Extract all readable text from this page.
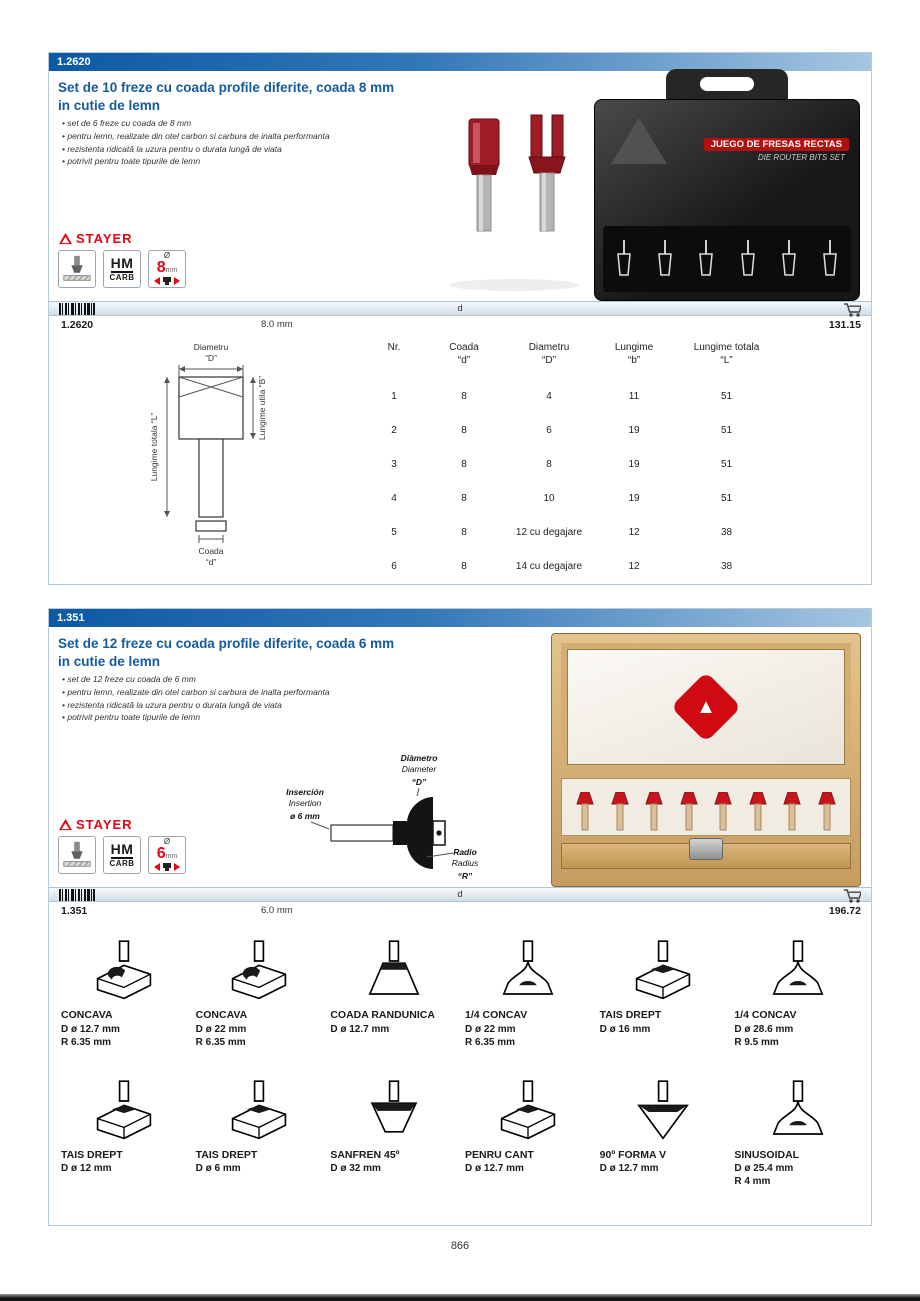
1.2620
Set de 10 freze cu coada profile diferite, coada 8 mm
in cutie de lemn
• set de 6 freze cu coada de 8 mm
• pentru lemn, realizate din otel carbon si carbura de inalta performanta
• rezistenta ridicată la uzura pentru o durata lungă de viata
• potrivit pentru toate tipurile de lemn
STAYER
HM
CARB
Ø
8mm
JUEGO DE FRESAS RECTAS
DIE ROUTER BITS SET
d
1.2620	8.0 mm	131.15
Diametru
“D”
Lungime utila “B”
Lungime totala “L”
Coada
“d”
Nr.	Coada
“d”
Diametru
“D”
Lungime
“b”
Lungime totala
“L”
1	8	4	11	51
2	8	6	19	51
3	8	8	19	51
4	8	10	19	51
5	8	12 cu degajare	12	38
6	8	14 cu degajare	12	38
1.351
Set de 12 freze cu coada profile diferite, coada 6 mm
in cutie de lemn
• set de 12 freze cu coada de 6 mm
• pentru lemn, realizate din otel carbon si carbura de inalta performanta
• rezistenta ridicată la uzura pentru o durata lungă de viata
• potrivit pentru toate tipurile de lemn
Diàmetro
Diameter
“D”
Inserción
Insertion
ø 6 mm
Radio
Radius
“R”
STAYER
HM
CARB
Ø
6mm
▲
d
1.351	6.0 mm	196.72
CONCAVA
D ø 12.7 mm
R 6.35 mm
CONCAVA
D ø 22 mm
R 6.35 mm
COADA RANDUNICA
D ø 12.7 mm
1/4 CONCAV
D ø 22 mm
R 6.35 mm
TAIS DREPT
D ø 16 mm
1/4 CONCAV
D ø 28.6 mm
R 9.5 mm
TAIS DREPT
D ø 12 mm
TAIS DREPT
D ø 6 mm
SANFREN 45º
D ø 32 mm
PENRU CANT
D ø 12.7 mm
90º FORMA V
D ø 12.7 mm
SINUSOIDAL
D ø 25.4 mm
R 4 mm
866
